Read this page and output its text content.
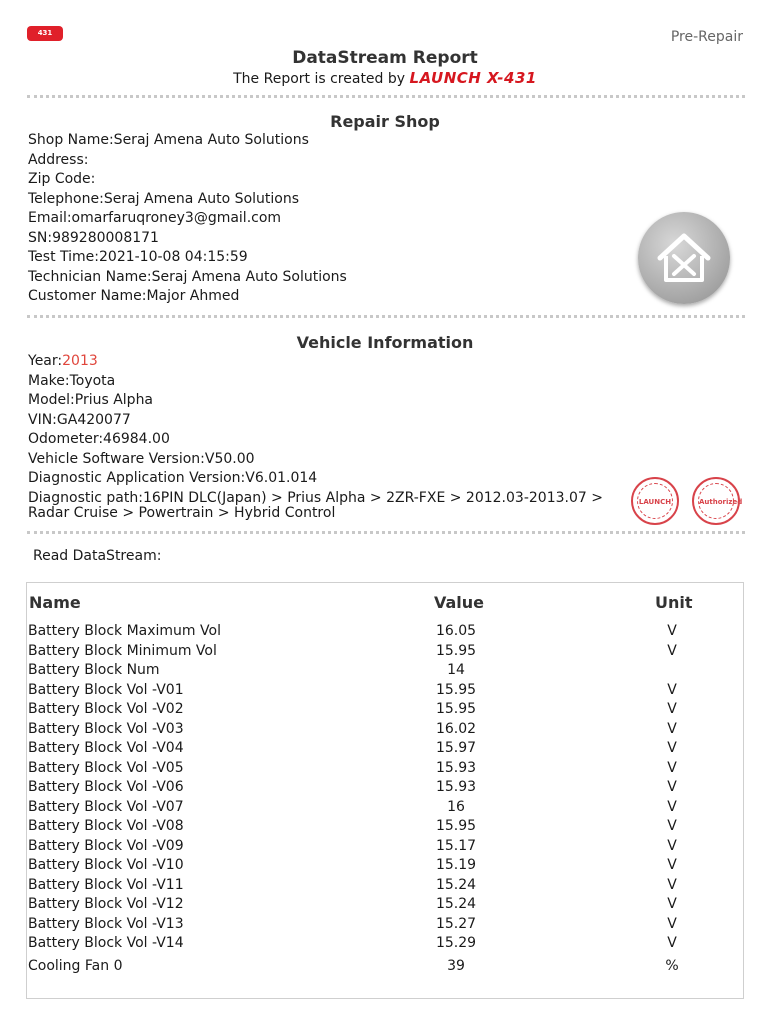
431	Pre-Repair
DataStream Report
The Report is created by LAUNCH X-431
Repair Shop
Shop Name:Seraj Amena Auto Solutions
Address:
Zip Code:
Telephone:Seraj Amena Auto Solutions
Email:omarfaruqroney3@gmail.com
SN:989280008171
Test Time:2021-10-08 04:15:59
Technician Name:Seraj Amena Auto Solutions
Customer Name:Major Ahmed
Vehicle Information
Year:2013
Make:Toyota
Model:Prius Alpha
VIN:GA420077
Odometer:46984.00
Vehicle Software Version:V50.00
Diagnostic Application Version:V6.01.014
Diagnostic path:16PIN DLC(Japan) > Prius Alpha > 2ZR-FXE > 2012.03-2013.07 > Radar Cruise > Powertrain > Hybrid Control
LAUNCH	Authorized
Read DataStream:
Name	Value	Unit
Battery Block Maximum Vol	16.05	V
Battery Block Minimum Vol	15.95	V
Battery Block Num	14
Battery Block Vol -V01	15.95	V
Battery Block Vol -V02	15.95	V
Battery Block Vol -V03	16.02	V
Battery Block Vol -V04	15.97	V
Battery Block Vol -V05	15.93	V
Battery Block Vol -V06	15.93	V
Battery Block Vol -V07	16	V
Battery Block Vol -V08	15.95	V
Battery Block Vol -V09	15.17	V
Battery Block Vol -V10	15.19	V
Battery Block Vol -V11	15.24	V
Battery Block Vol -V12	15.24	V
Battery Block Vol -V13	15.27	V
Battery Block Vol -V14	15.29	V
Cooling Fan 0	39	%
